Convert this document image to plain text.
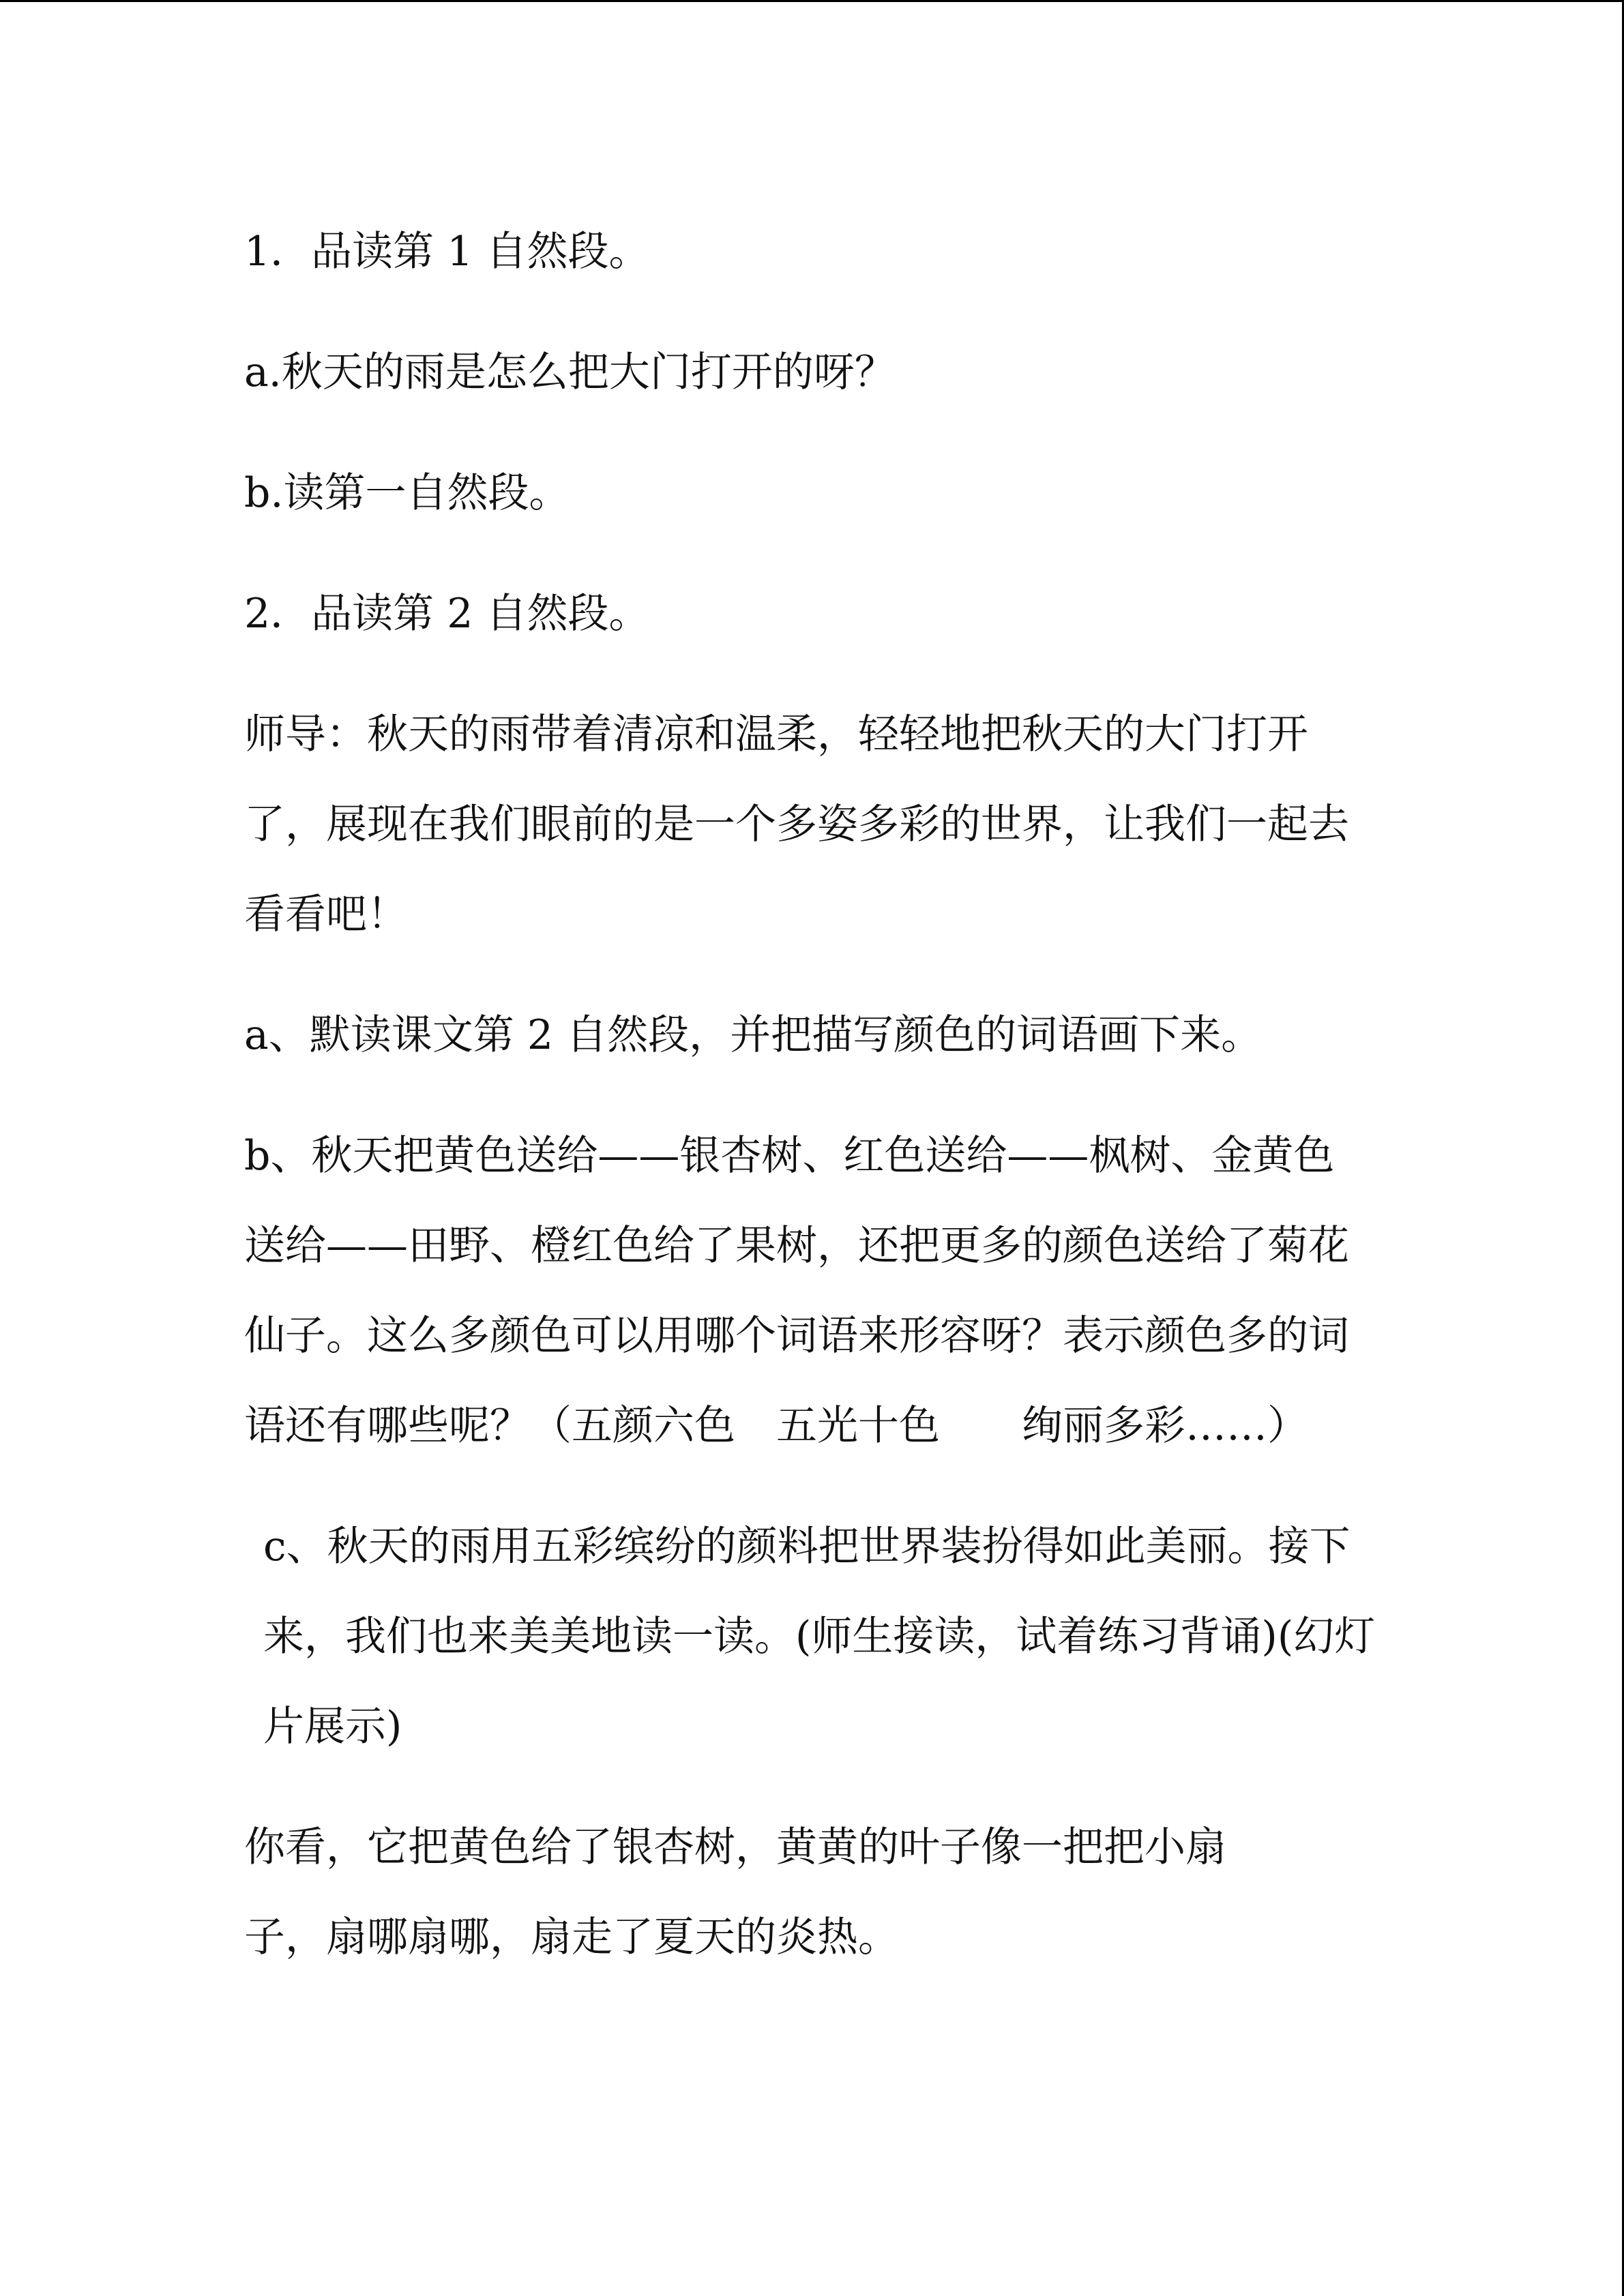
1．品读第 1 自然段。

a.秋天的雨是怎么把大门打开的呀？

b.读第一自然段。

2．品读第 2 自然段。

师导：秋天的雨带着清凉和温柔，轻轻地把秋天的大门打开了，展现在我们眼前的是一个多姿多彩的世界，让我们一起去看看吧！

a、默读课文第 2 自然段，并把描写颜色的词语画下来。

b、秋天把黄色送给——银杏树、红色送给——枫树、金黄色送给——田野、橙红色给了果树，还把更多的颜色送给了菊花仙子。这么多颜色可以用哪个词语来形容呀？表示颜色多的词语还有哪些呢？（五颜六色　五光十色　　绚丽多彩……）

c、秋天的雨用五彩缤纷的颜料把世界装扮得如此美丽。接下来，我们也来美美地读一读。(师生接读，试着练习背诵)(幻灯片展示)

你看，它把黄色给了银杏树，黄黄的叶子像一把把小扇子，扇哪扇哪，扇走了夏天的炎热。
